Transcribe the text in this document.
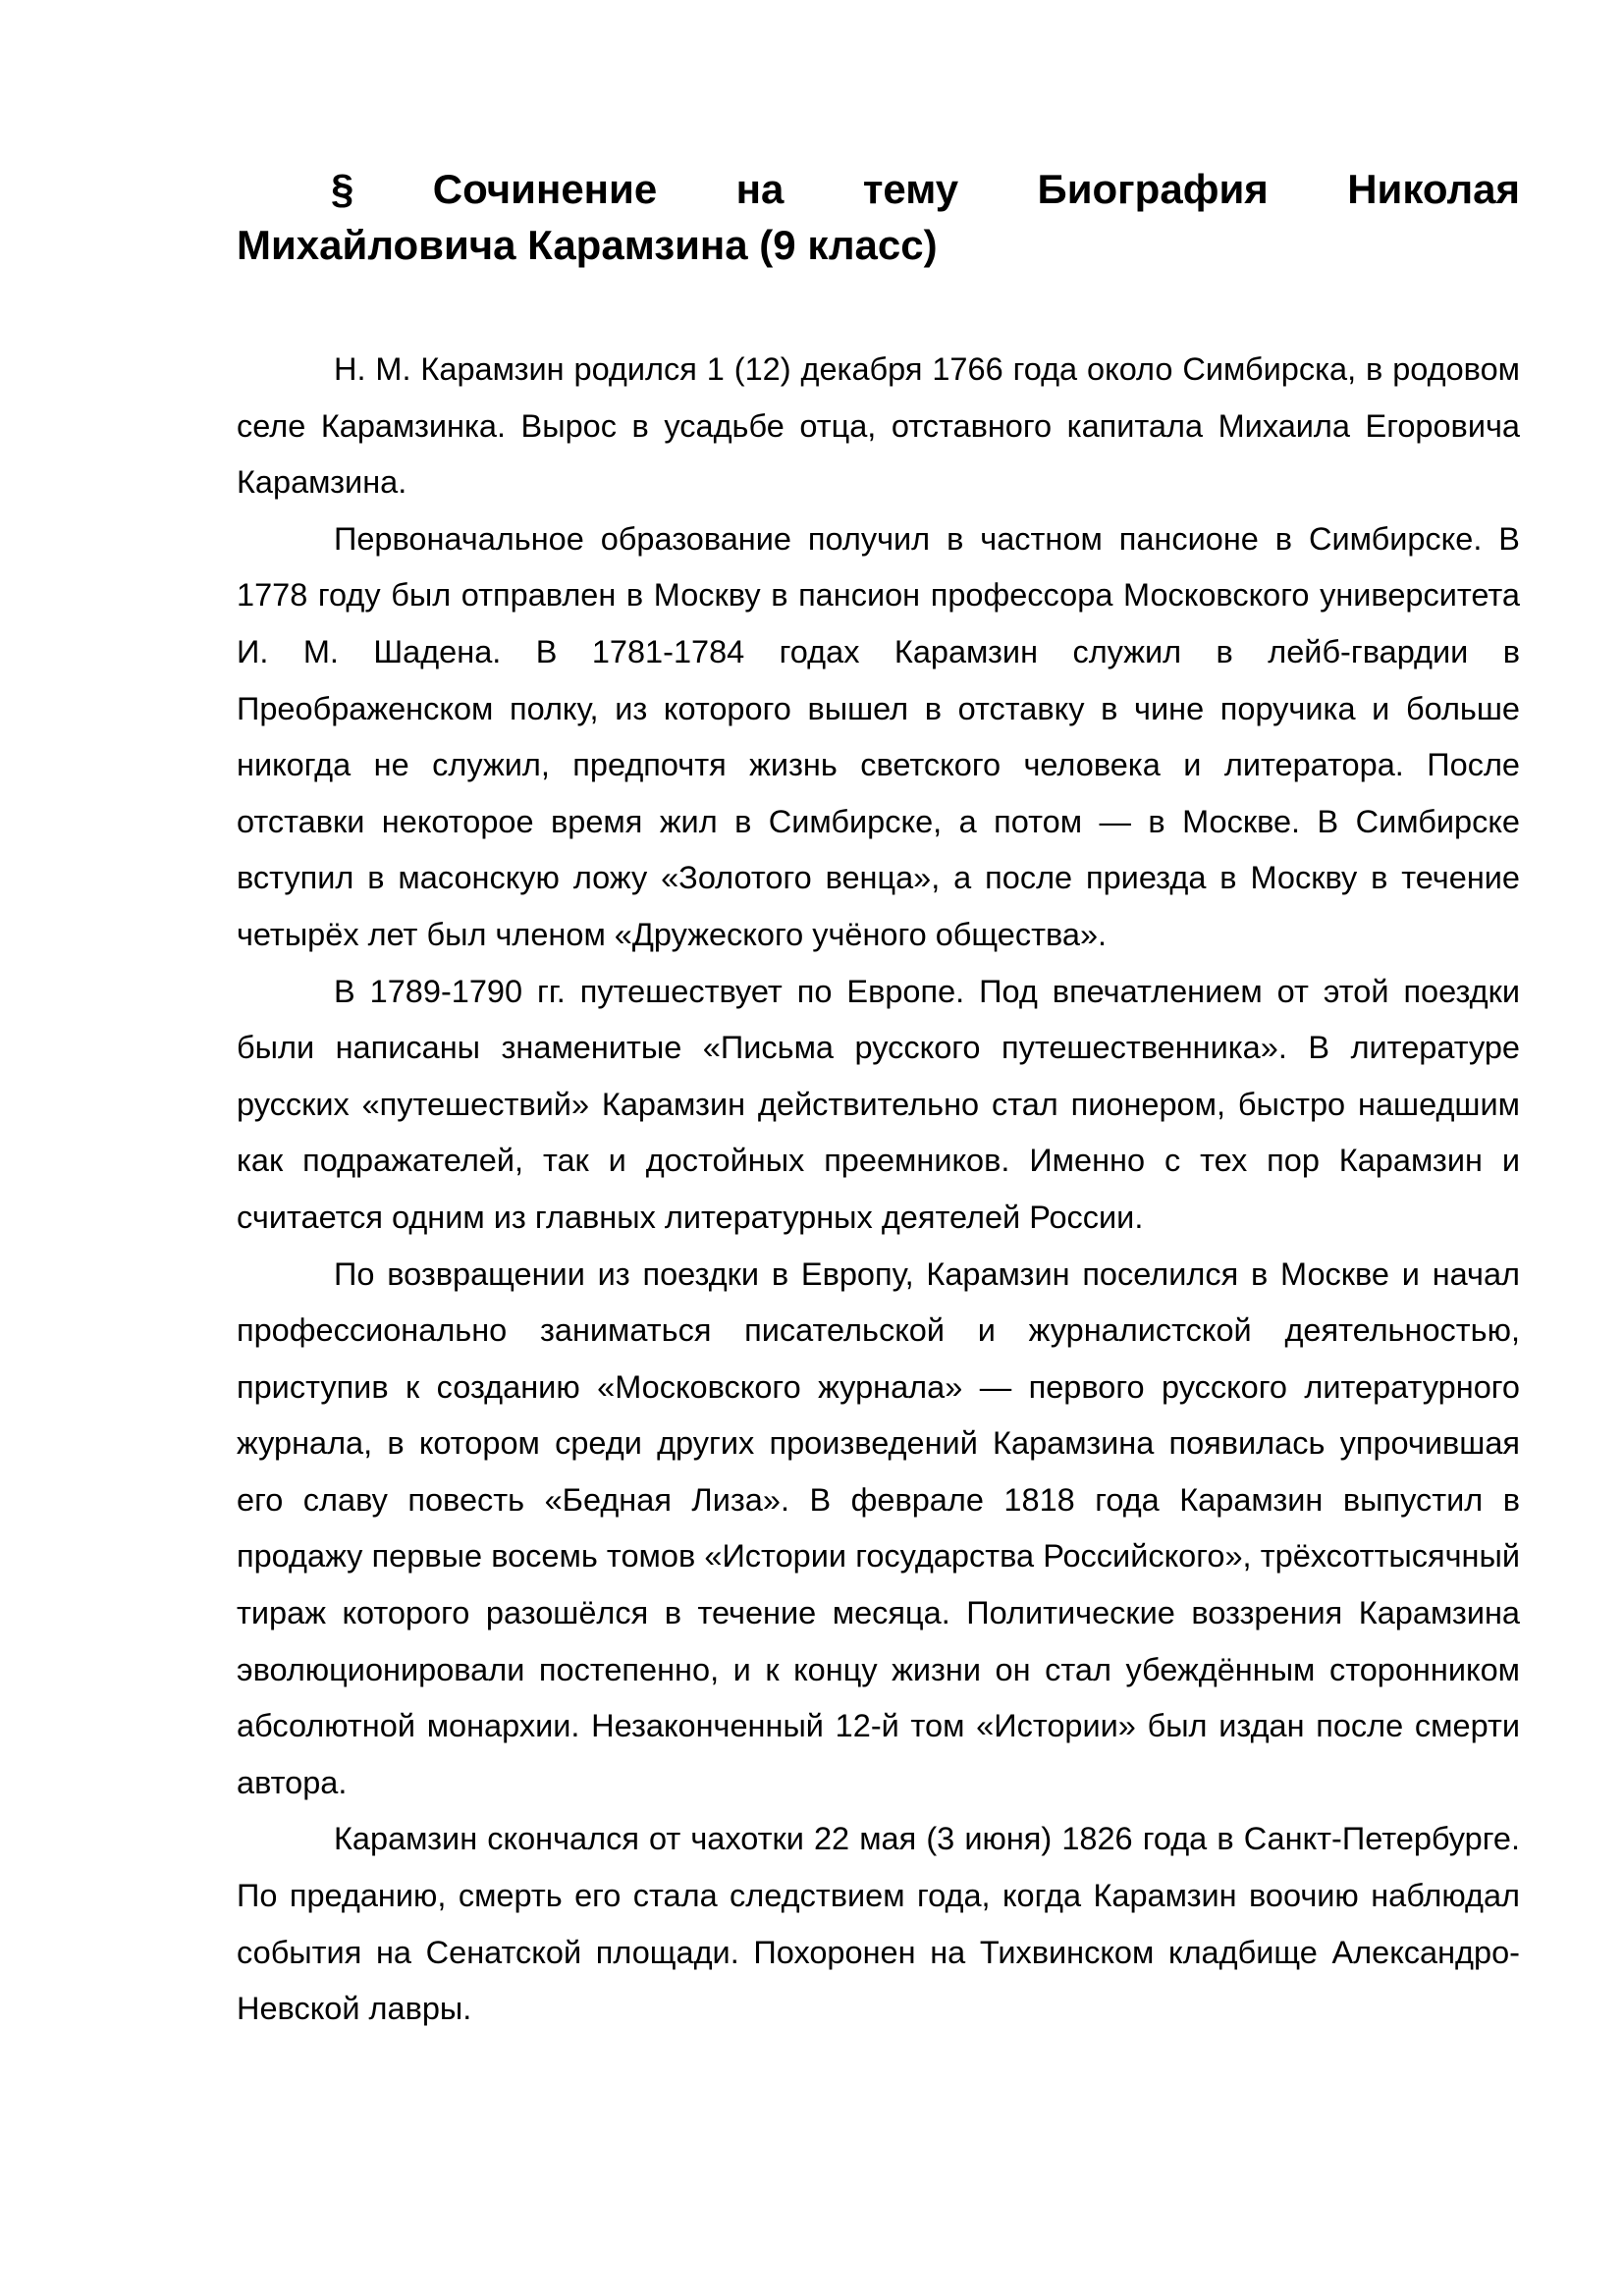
§ Сочинение на тему Биография Николая
Михайловича Карамзина (9 класс)

Н. М. Карамзин родился 1 (12) декабря 1766 года около Симбирска, в родовом селе Карамзинка. Вырос в усадьбе отца, отставного капитала Михаила Егоровича Карамзина.

Первоначальное образование получил в частном пансионе в Симбирске. В 1778 году был отправлен в Москву в пансион профессора Московского университета И. М. Шадена. В 1781-1784 годах Карамзин служил в лейб-гвардии в Преображенском полку, из которого вышел в отставку в чине поручика и больше никогда не служил, предпочтя жизнь светского человека и литератора. После отставки некоторое время жил в Симбирске, а потом — в Москве. В Симбирске вступил в масонскую ложу «Золотого венца», а после приезда в Москву в течение четырёх лет был членом «Дружеского учёного общества».

В 1789-1790 гг. путешествует по Европе. Под впечатлением от этой поездки были написаны знаменитые «Письма русского путешественника». В литературе русских «путешествий» Карамзин действительно стал пионером, быстро нашедшим как подражателей, так и достойных преемников. Именно с тех пор Карамзин и считается одним из главных литературных деятелей России.

По возвращении из поездки в Европу, Карамзин поселился в Москве и начал профессионально заниматься писательской и журналистской деятельностью, приступив к созданию «Московского журнала» — первого русского литературного журнала, в котором среди других произведений Карамзина появилась упрочившая его славу повесть «Бедная Лиза». В феврале 1818 года Карамзин выпустил в продажу первые восемь томов «Истории государства Российского», трёхсоттысячный тираж которого разошёлся в течение месяца. Политические воззрения Карамзина эволюционировали постепенно, и к концу жизни он стал убеждённым сторонником абсолютной монархии. Незаконченный 12-й том «Истории» был издан после смерти автора.

Карамзин скончался от чахотки 22 мая (3 июня) 1826 года в Санкт-Петербурге. По преданию, смерть его стала следствием года, когда Карамзин воочию наблюдал события на Сенатской площади. Похоронен на Тихвинском кладбище Александро-Невской лавры.
